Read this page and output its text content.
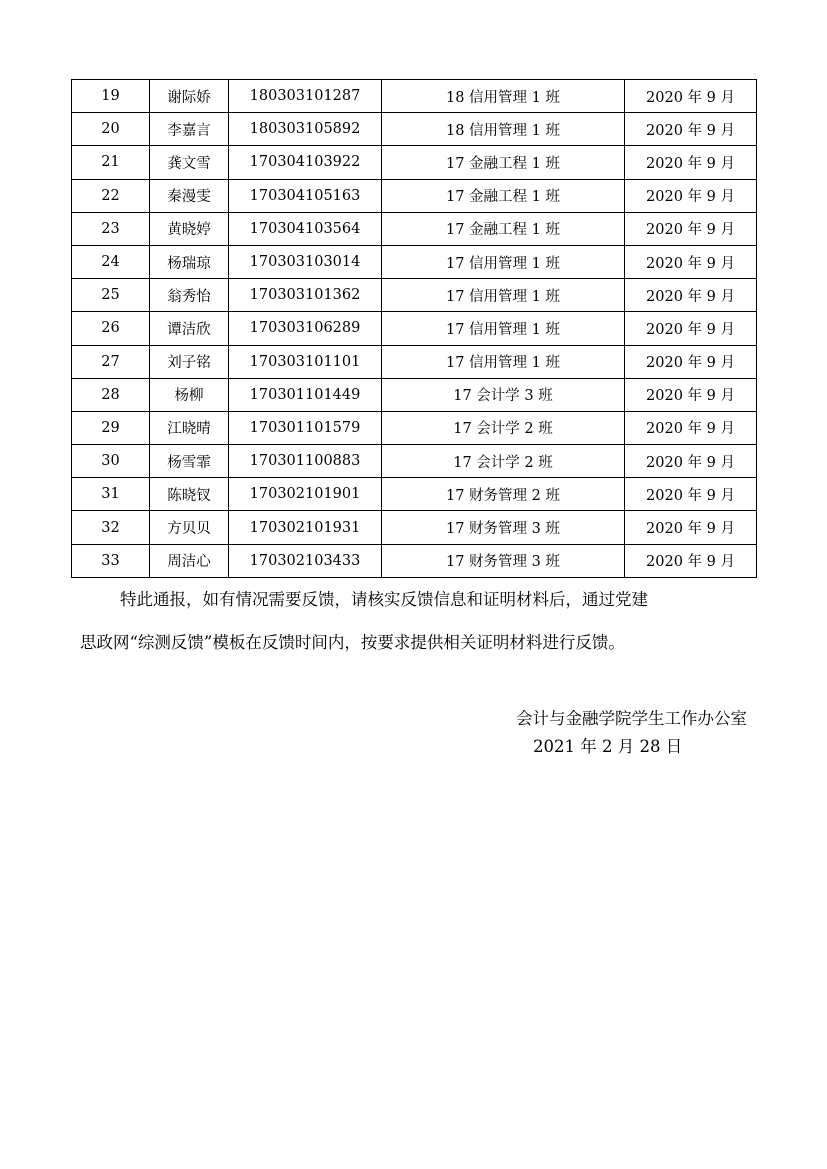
19	谢际娇	180303101287	18 信用管理 1 班	2020 年 9 月
20	李嘉言	180303105892	18 信用管理 1 班	2020 年 9 月
21	龚文雪	170304103922	17 金融工程 1 班	2020 年 9 月
22	秦漫雯	170304105163	17 金融工程 1 班	2020 年 9 月
23	黄晓婷	170304103564	17 金融工程 1 班	2020 年 9 月
24	杨瑞琼	170303103014	17 信用管理 1 班	2020 年 9 月
25	翁秀怡	170303101362	17 信用管理 1 班	2020 年 9 月
26	谭洁欣	170303106289	17 信用管理 1 班	2020 年 9 月
27	刘子铭	170303101101	17 信用管理 1 班	2020 年 9 月
28	杨柳	170301101449	17 会计学 3 班	2020 年 9 月
29	江晓晴	170301101579	17 会计学 2 班	2020 年 9 月
30	杨雪霏	170301100883	17 会计学 2 班	2020 年 9 月
31	陈晓钗	170302101901	17 财务管理 2 班	2020 年 9 月
32	方贝贝	170302101931	17 财务管理 3 班	2020 年 9 月
33	周洁心	170302103433	17 财务管理 3 班	2020 年 9 月
特此通报，如有情况需要反馈，请核实反馈信息和证明材料后，通过党建
思政网“综测反馈”模板在反馈时间内，按要求提供相关证明材料进行反馈。
会计与金融学院学生工作办公室
2021 年 2 月 28 日
